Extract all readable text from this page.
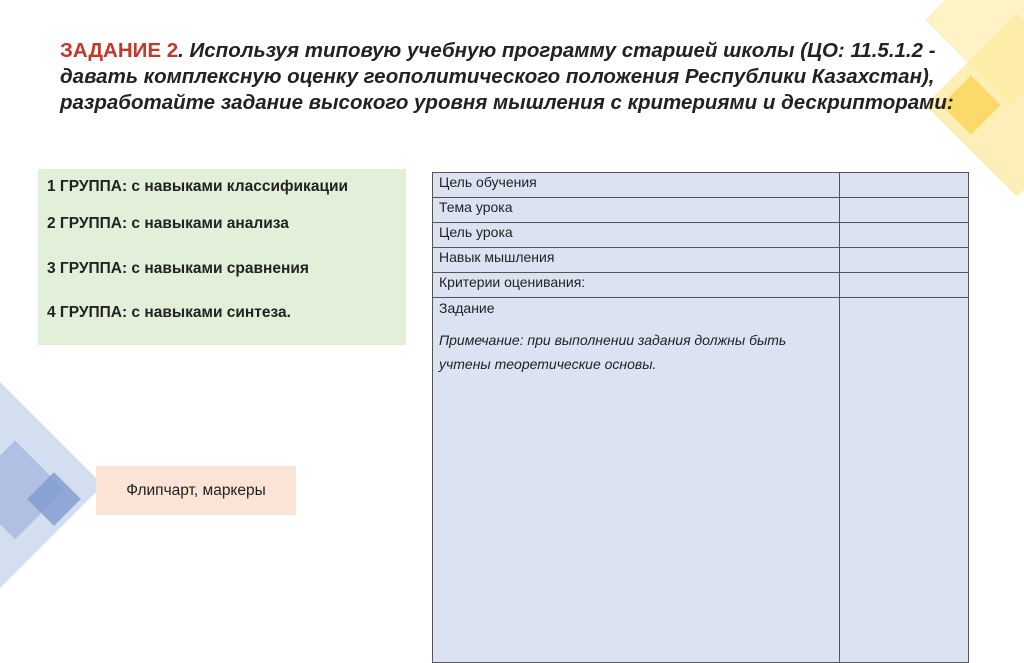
ЗАДАНИЕ 2. Используя типовую учебную программу старшей школы (ЦО: 11.5.1.2 - давать комплексную оценку геополитического положения Республики Казахстан), разработайте задание высокого уровня мышления с критериями и дескрипторами:
1 ГРУППА: с навыками классификации
2 ГРУППА: с навыками анализа
3 ГРУППА: с навыками сравнения
4 ГРУППА: с навыками синтеза.
Флипчарт, маркеры
Цель обучения	
Тема урока	
Цель урока	
Навык мышления	
Критерии оценивания:	

Задание
Примечание: при выполнении задания должны быть учтены теоретические основы.	
